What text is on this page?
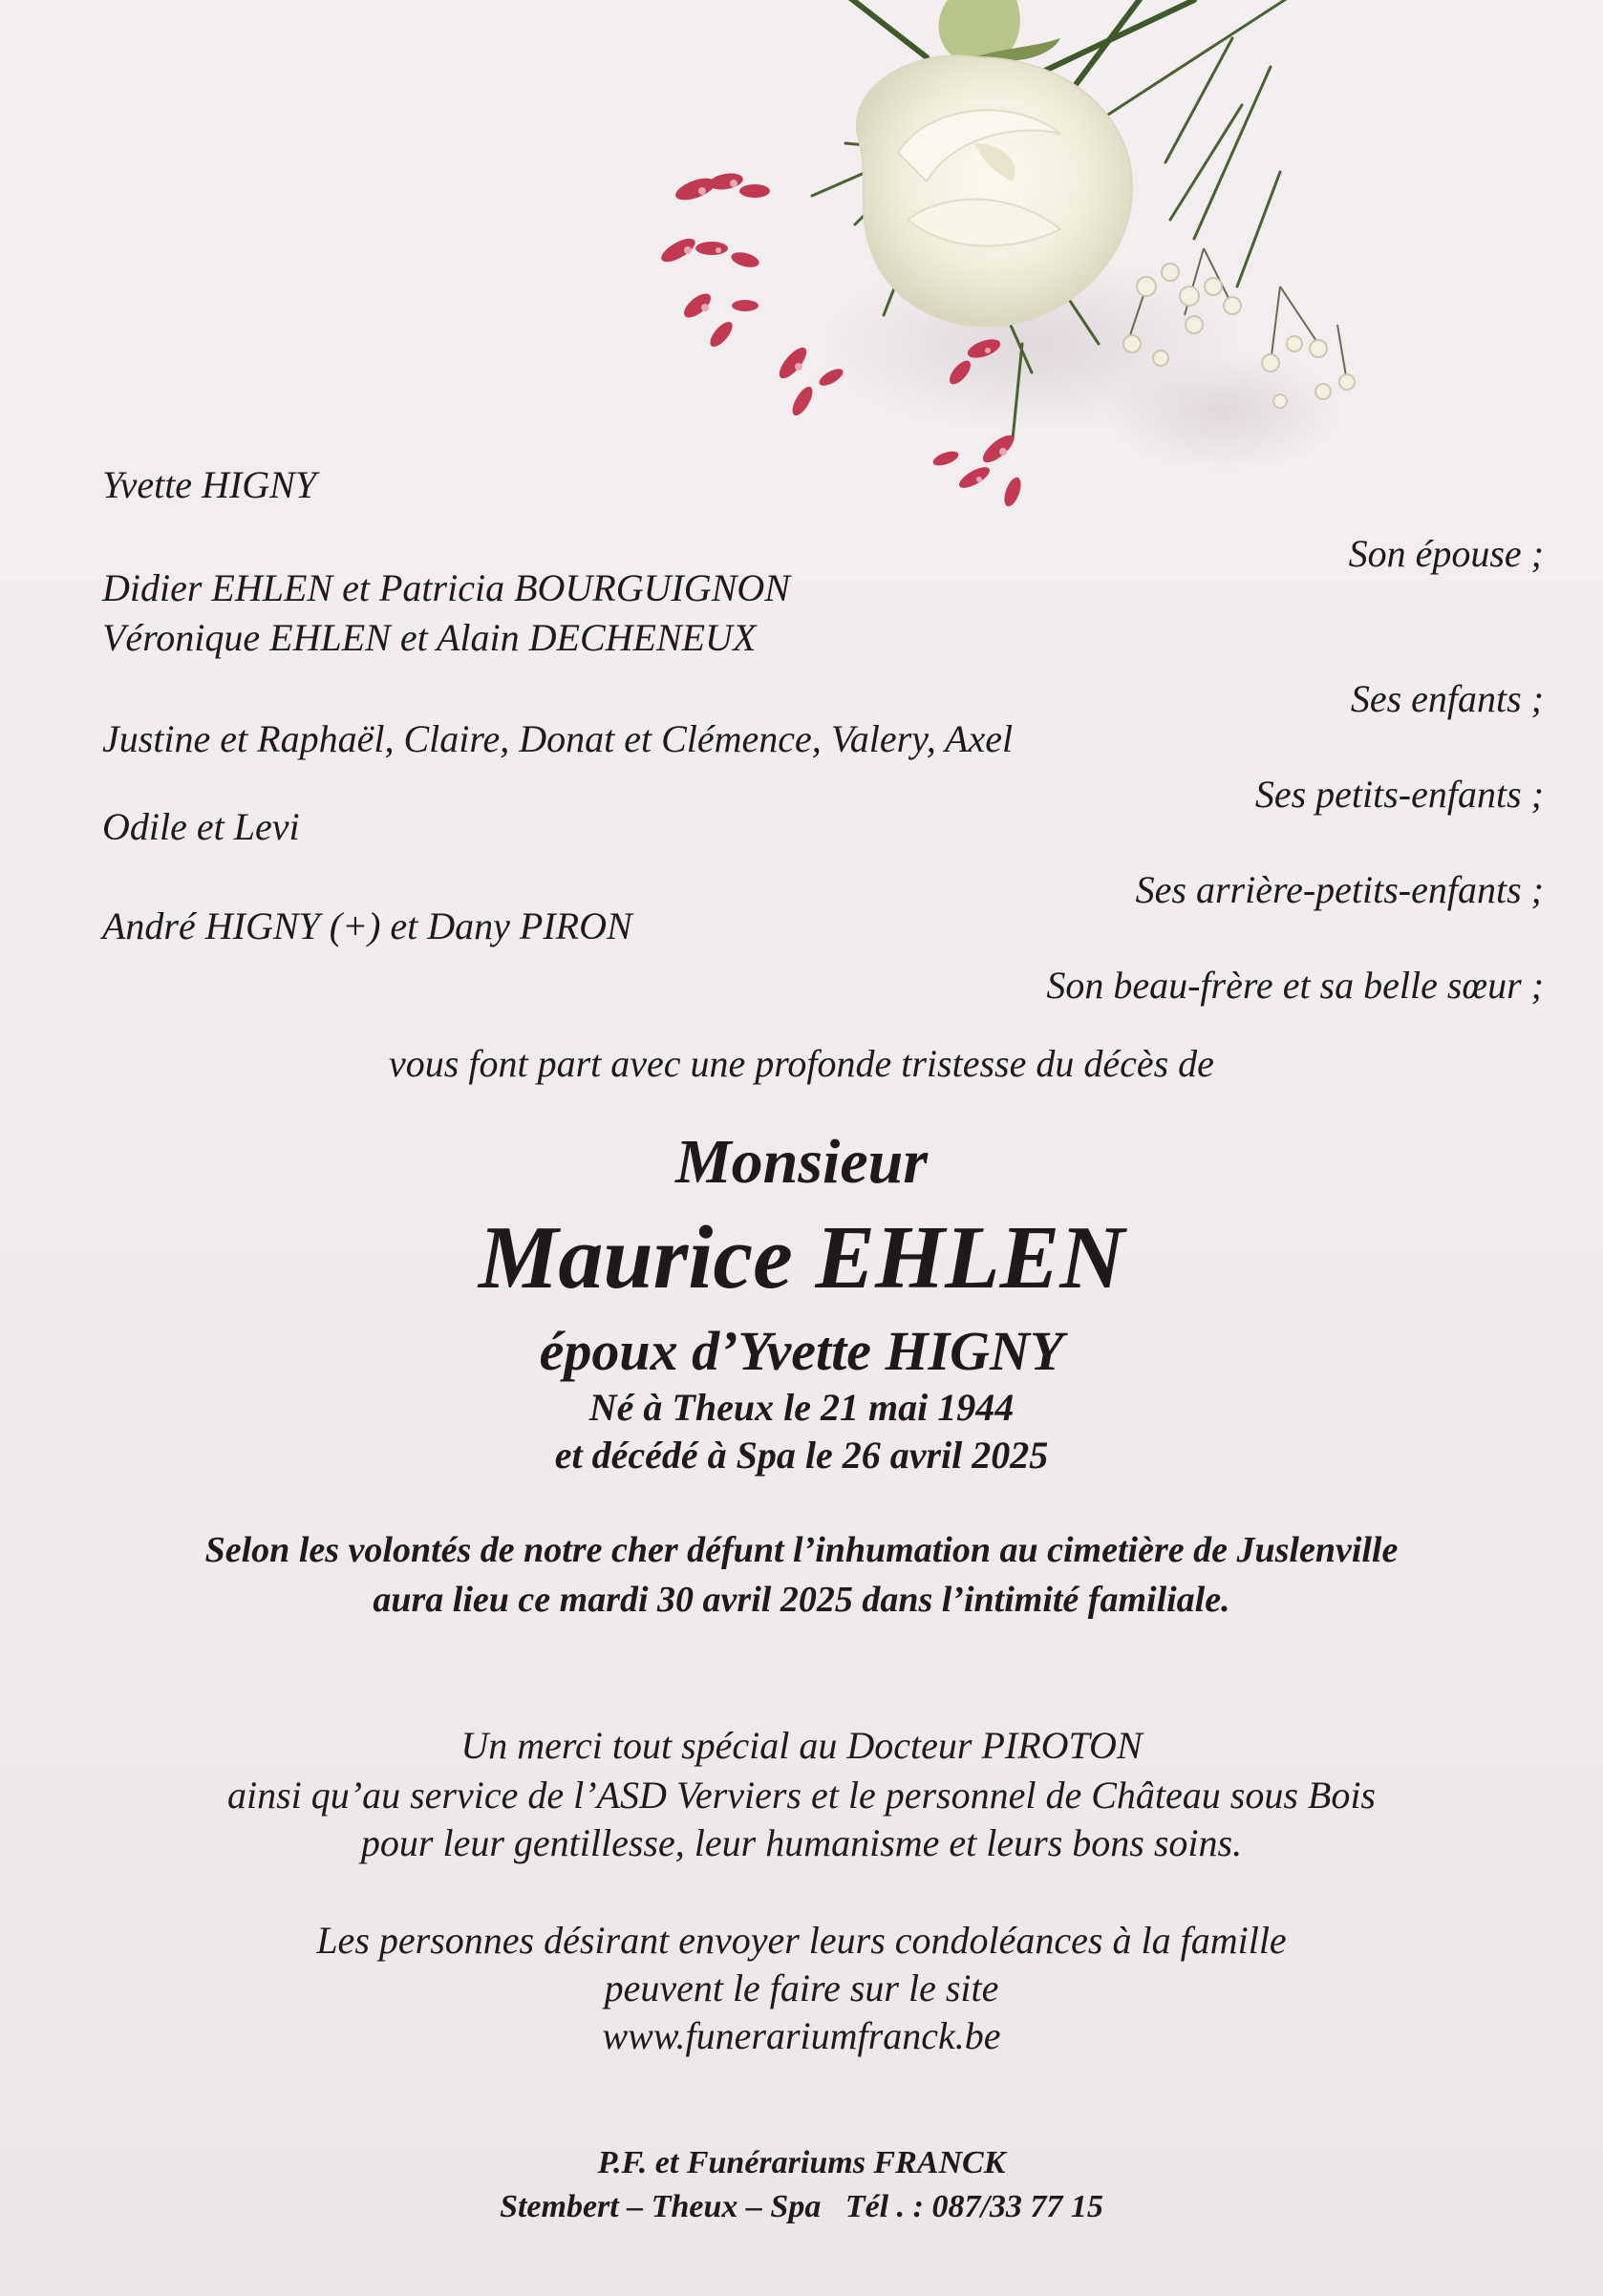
Yvette HIGNY
Son épouse ;
Didier EHLEN et Patricia BOURGUIGNON
Véronique EHLEN et Alain DECHENEUX
Ses enfants ;
Justine et Raphaël, Claire, Donat et Clémence, Valery, Axel
Ses petits-enfants ;
Odile et Levi
Ses arrière-petits-enfants ;
André HIGNY (+) et Dany PIRON
Son beau-frère et sa belle sœur ;
vous font part avec une profonde tristesse du décès de
Monsieur
Maurice EHLEN
époux d’Yvette HIGNY
Né à Theux le 21 mai 1944
et décédé à Spa le 26 avril 2025
Selon les volontés de notre cher défunt l’inhumation au cimetière de Juslenville
aura lieu ce mardi 30 avril 2025 dans l’intimité familiale.
Un merci tout spécial au Docteur PIROTON
ainsi qu’au service de l’ASD Verviers et le personnel de Château sous Bois
pour leur gentillesse, leur humanisme et leurs bons soins.
Les personnes désirant envoyer leurs condoléances à la famille
peuvent le faire sur le site
www.funerariumfranck.be
P.F. et Funérariums FRANCK
Stembert – Theux – Spa   Tél . : 087/33 77 15
